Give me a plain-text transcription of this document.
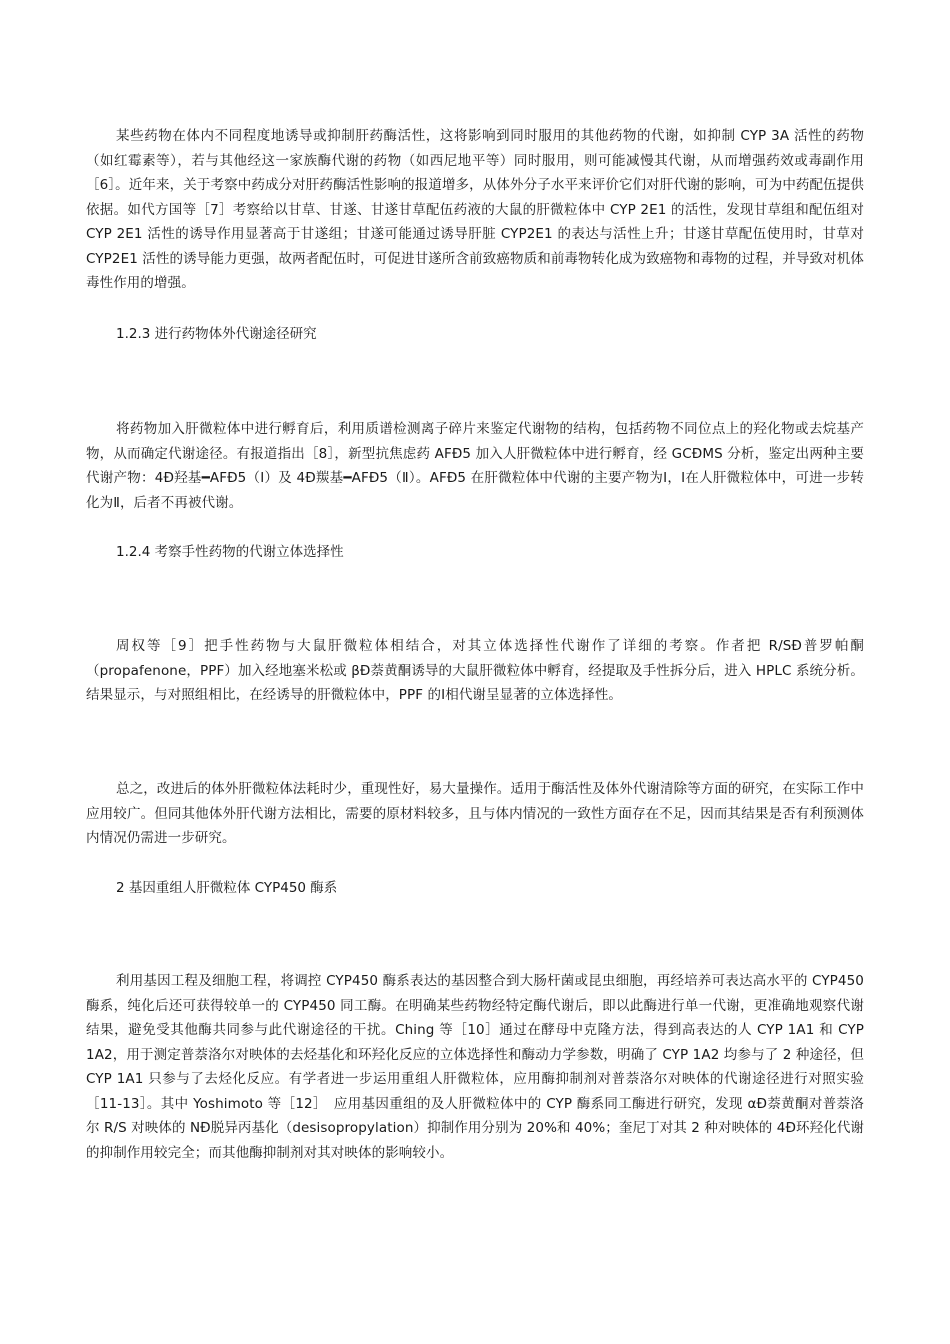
某些药物在体内不同程度地诱导或抑制肝药酶活性，这将影响到同时服用的其他药物的代谢，如抑制 CYP 3A 活性的药物（如红霉素等），若与其他经这一家族酶代谢的药物（如西尼地平等）同时服用，则可能减慢其代谢，从而增强药效或毒副作用［6］。近年来，关于考察中药成分对肝药酶活性影响的报道增多，从体外分子水平来评价它们对肝代谢的影响，可为中药配伍提供依据。如代方国等［7］考察给以甘草、甘遂、甘遂甘草配伍药液的大鼠的肝微粒体中 CYP 2E1 的活性，发现甘草组和配伍组对 CYP 2E1 活性的诱导作用显著高于甘遂组；甘遂可能通过诱导肝脏 CYP2E1 的表达与活性上升；甘遂甘草配伍使用时，甘草对 CYP2E1 活性的诱导能力更强，故两者配伍时，可促进甘遂所含前致癌物质和前毒物转化成为致癌物和毒物的过程，并导致对机体毒性作用的增强。

1.2.3 进行药物体外代谢途径研究

将药物加入肝微粒体中进行孵育后，利用质谱检测离子碎片来鉴定代谢物的结构，包括药物不同位点上的羟化物或去烷基产物，从而确定代谢途径。有报道指出［8］，新型抗焦虑药 AFÐ5 加入人肝微粒体中进行孵育，经 GCÐMS 分析，鉴定出两种主要代谢产物：4Ð羟基━AFÐ5（Ⅰ）及 4Ð羰基━AFÐ5（Ⅱ）。AFÐ5 在肝微粒体中代谢的主要产物为Ⅰ，Ⅰ在人肝微粒体中，可进一步转化为Ⅱ，后者不再被代谢。

1.2.4 考察手性药物的代谢立体选择性

周权等［9］把手性药物与大鼠肝微粒体相结合，对其立体选择性代谢作了详细的考察。作者把 R/SÐ普罗帕酮（propafenone，PPF）加入经地塞米松或 βÐ萘黄酮诱导的大鼠肝微粒体中孵育，经提取及手性拆分后，进入 HPLC 系统分析。结果显示，与对照组相比，在经诱导的肝微粒体中，PPF 的Ⅰ相代谢呈显著的立体选择性。

总之，改进后的体外肝微粒体法耗时少，重现性好，易大量操作。适用于酶活性及体外代谢清除等方面的研究，在实际工作中应用较广。但同其他体外肝代谢方法相比，需要的原材料较多，且与体内情况的一致性方面存在不足，因而其结果是否有利预测体内情况仍需进一步研究。

2 基因重组人肝微粒体 CYP450 酶系

利用基因工程及细胞工程，将调控 CYP450 酶系表达的基因整合到大肠杆菌或昆虫细胞，再经培养可表达高水平的 CYP450 酶系，纯化后还可获得较单一的 CYP450 同工酶。在明确某些药物经特定酶代谢后，即以此酶进行单一代谢，更准确地观察代谢结果，避免受其他酶共同参与此代谢途径的干扰。Ching 等［10］通过在酵母中克隆方法，得到高表达的人 CYP 1A1 和 CYP 1A2，用于测定普萘洛尔对映体的去烃基化和环羟化反应的立体选择性和酶动力学参数，明确了 CYP 1A2 均参与了 2 种途径，但 CYP 1A1 只参与了去烃化反应。有学者进一步运用重组人肝微粒体，应用酶抑制剂对普萘洛尔对映体的代谢途径进行对照实验［11-13］。其中 Yoshimoto 等［12］　应用基因重组的及人肝微粒体中的 CYP 酶系同工酶进行研究，发现 αÐ萘黄酮对普萘洛尔 R/S 对映体的 NÐ脱异丙基化（desisopropylation）抑制作用分别为 20%和 40%；奎尼丁对其 2 种对映体的 4Ð环羟化代谢的抑制作用较完全；而其他酶抑制剂对其对映体的影响较小。
